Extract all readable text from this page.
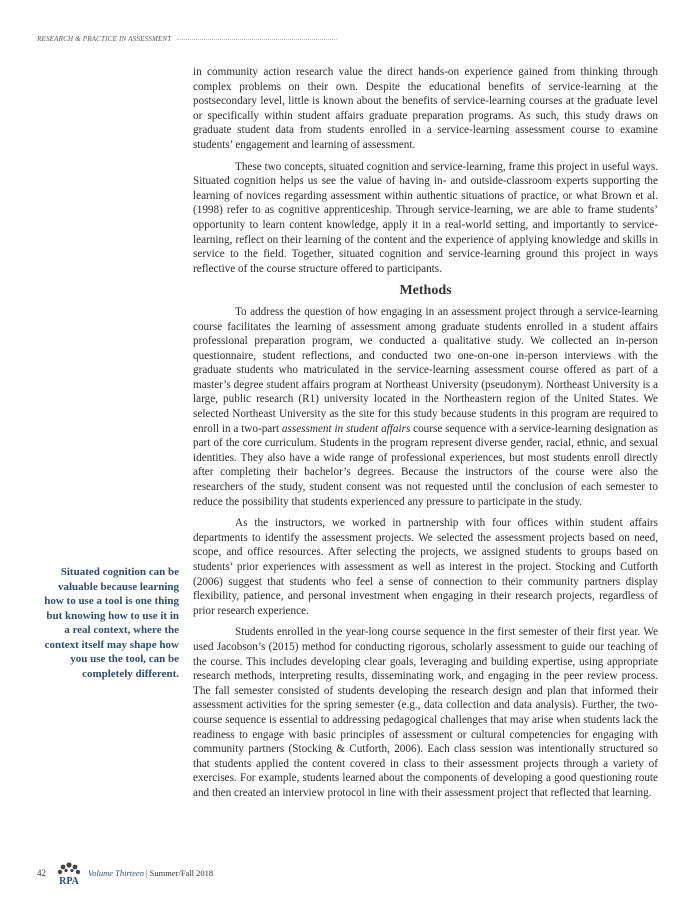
RESEARCH & PRACTICE IN ASSESSMENT

in community action research value the direct hands-on experience gained from thinking through complex problems on their own. Despite the educational benefits of service-learning at the postsecondary level, little is known about the benefits of service-learning courses at the graduate level or specifically within student affairs graduate preparation programs. As such, this study draws on graduate student data from students enrolled in a service-learning assessment course to examine students’ engagement and learning of assessment.

These two concepts, situated cognition and service-learning, frame this project in useful ways. Situated cognition helps us see the value of having in- and outside-classroom experts supporting the learning of novices regarding assessment within authentic situations of practice, or what Brown et al. (1998) refer to as cognitive apprenticeship. Through service-learning, we are able to frame students’ opportunity to learn content knowledge, apply it in a real-world setting, and importantly to service-learning, reflect on their learning of the content and the experience of applying knowledge and skills in service to the field. Together, situated cognition and service-learning ground this project in ways reflective of the course structure offered to participants.

Methods

To address the question of how engaging in an assessment project through a service-learning course facilitates the learning of assessment among graduate students enrolled in a student affairs professional preparation program, we conducted a qualitative study. We collected an in-person questionnaire, student reflections, and conducted two one-on-one in-person interviews with the graduate students who matriculated in the service-learning assessment course offered as part of a master’s degree student affairs program at Northeast University (pseudonym). Northeast University is a large, public research (R1) university located in the Northeastern region of the United States. We selected Northeast University as the site for this study because students in this program are required to enroll in a two-part assessment in student affairs course sequence with a service-learning designation as part of the core curriculum. Students in the program represent diverse gender, racial, ethnic, and sexual identities. They also have a wide range of professional experiences, but most students enroll directly after completing their bachelor’s degrees. Because the instructors of the course were also the researchers of the study, student consent was not requested until the conclusion of each semester to reduce the possibility that students experienced any pressure to participate in the study.

As the instructors, we worked in partnership with four offices within student affairs departments to identify the assessment projects. We selected the assessment projects based on need, scope, and office resources. After selecting the projects, we assigned students to groups based on students’ prior experiences with assessment as well as interest in the project. Stocking and Cutforth (2006) suggest that students who feel a sense of connection to their community partners display flexibility, patience, and personal investment when engaging in their research projects, regardless of prior research experience.

Students enrolled in the year-long course sequence in the first semester of their first year. We used Jacobson’s (2015) method for conducting rigorous, scholarly assessment to guide our teaching of the course. This includes developing clear goals, leveraging and building expertise, using appropriate research methods, interpreting results, disseminating work, and engaging in the peer review process. The fall semester consisted of students developing the research design and plan that informed their assessment activities for the spring semester (e.g., data collection and data analysis). Further, the two-course sequence is essential to addressing pedagogical challenges that may arise when students lack the readiness to engage with basic principles of assessment or cultural competencies for engaging with community partners (Stocking & Cutforth, 2006). Each class session was intentionally structured so that students applied the content covered in class to their assessment projects through a variety of exercises. For example, students learned about the components of developing a good questioning route and then created an interview protocol in line with their assessment project that reflected that learning.

Situated cognition can be valuable because learning how to use a tool is one thing but knowing how to use it in a real context, where the context itself may shape how you use the tool, can be completely different.
42
RPA
Volume Thirteen | Summer/Fall 2018
